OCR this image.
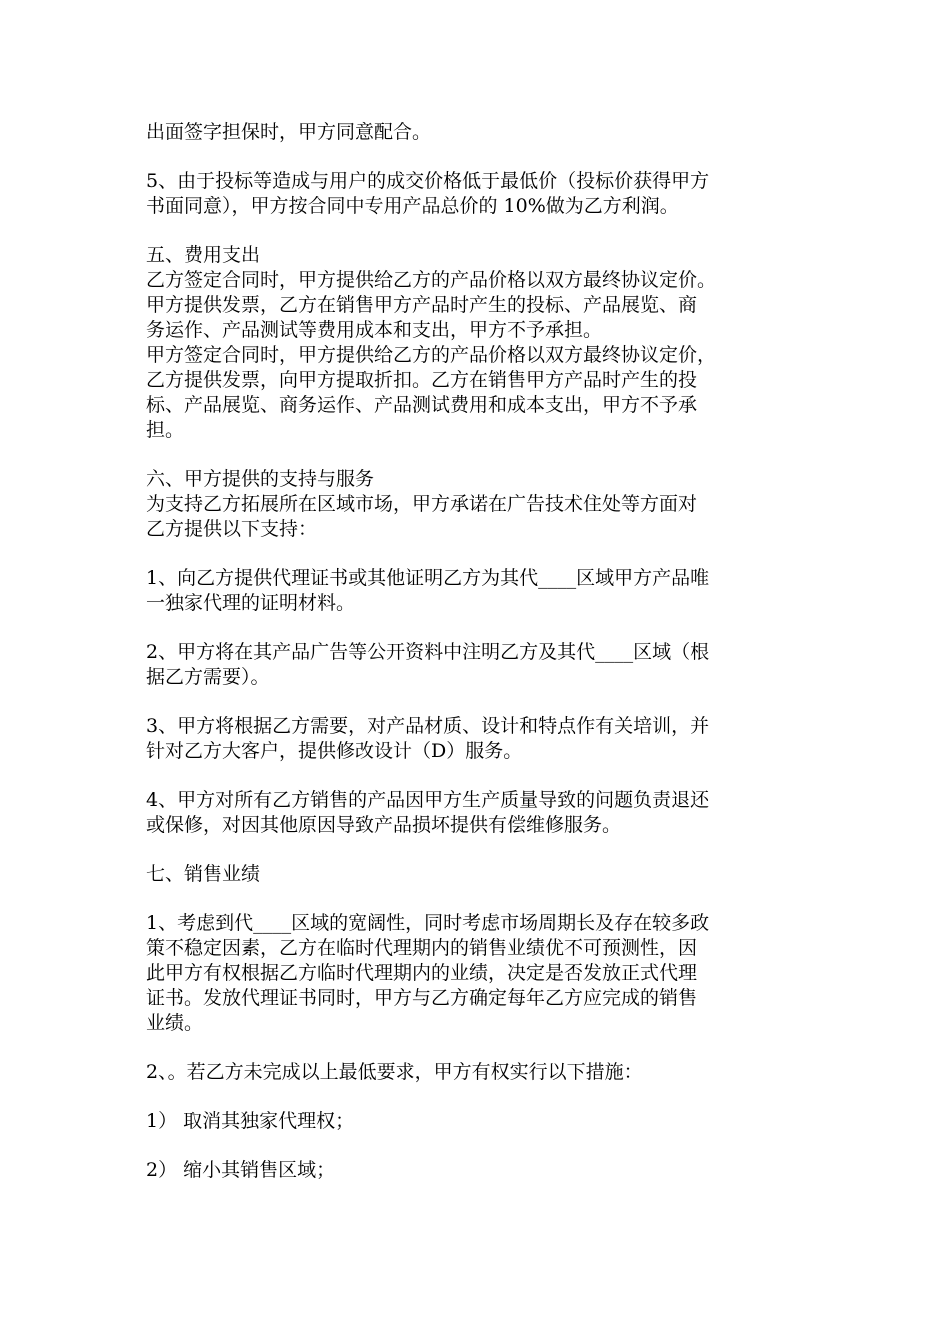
出面签字担保时，甲方同意配合。
5、由于投标等造成与用户的成交价格低于最低价（投标价获得甲方
书面同意），甲方按合同中专用产品总价的 10%做为乙方利润。
五、费用支出
乙方签定合同时，甲方提供给乙方的产品价格以双方最终协议定价。
甲方提供发票，乙方在销售甲方产品时产生的投标、产品展览、商
务运作、产品测试等费用成本和支出，甲方不予承担。
甲方签定合同时，甲方提供给乙方的产品价格以双方最终协议定价，
乙方提供发票，向甲方提取折扣。乙方在销售甲方产品时产生的投
标、产品展览、商务运作、产品测试费用和成本支出，甲方不予承
担。
六、甲方提供的支持与服务
为支持乙方拓展所在区域市场，甲方承诺在广告技术住处等方面对
乙方提供以下支持：
1、向乙方提供代理证书或其他证明乙方为其代____区域甲方产品唯
一独家代理的证明材料。
2、甲方将在其产品广告等公开资料中注明乙方及其代____区域（根
据乙方需要）。
3、甲方将根据乙方需要，对产品材质、设计和特点作有关培训，并
针对乙方大客户，提供修改设计（D）服务。
4、甲方对所有乙方销售的产品因甲方生产质量导致的问题负责退还
或保修，对因其他原因导致产品损坏提供有偿维修服务。
七、销售业绩
1、考虑到代____区域的宽阔性，同时考虑市场周期长及存在较多政
策不稳定因素，乙方在临时代理期内的销售业绩优不可预测性，因
此甲方有权根据乙方临时代理期内的业绩，决定是否发放正式代理
证书。发放代理证书同时，甲方与乙方确定每年乙方应完成的销售
业绩。
2、。若乙方未完成以上最低要求，甲方有权实行以下措施：
1） 取消其独家代理权；
2） 缩小其销售区域；
